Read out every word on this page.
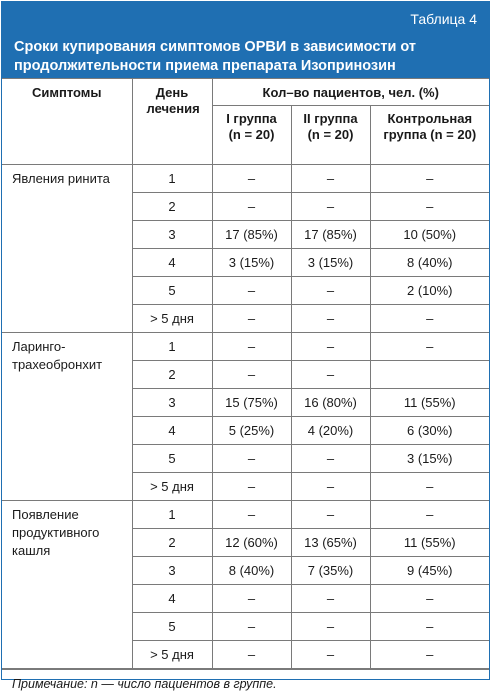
Таблица 4
Сроки купирования симптомов ОРВИ в зависимости от продолжительности приема препарата Изопринозин
Симптомы	День лечения	Кол–во пациентов, чел. (%)		
		I группа (n = 20)	II группа (n = 20)	Контрольная группа (n = 20)
Явления ринита	1	–	–	–
	2	–	–	–
	3	17 (85%)	17 (85%)	10 (50%)
	4	3 (15%)	3 (15%)	8 (40%)
	5	–	–	2 (10%)
	> 5 дня	–	–	–
Ларинго- трахеобронхит	1	–	–	–
	2	–	–	
	3	15 (75%)	16 (80%)	11 (55%)
	4	5 (25%)	4 (20%)	6 (30%)
	5	–	–	3 (15%)
	> 5 дня	–	–	–
Появление продуктивного кашля	1	–	–	–
	2	12 (60%)	13 (65%)	11 (55%)
	3	8 (40%)	7 (35%)	9 (45%)
	4	–	–	–
	5	–	–	–
	> 5 дня	–	–	–
Примечание: n — число пациентов в группе.
